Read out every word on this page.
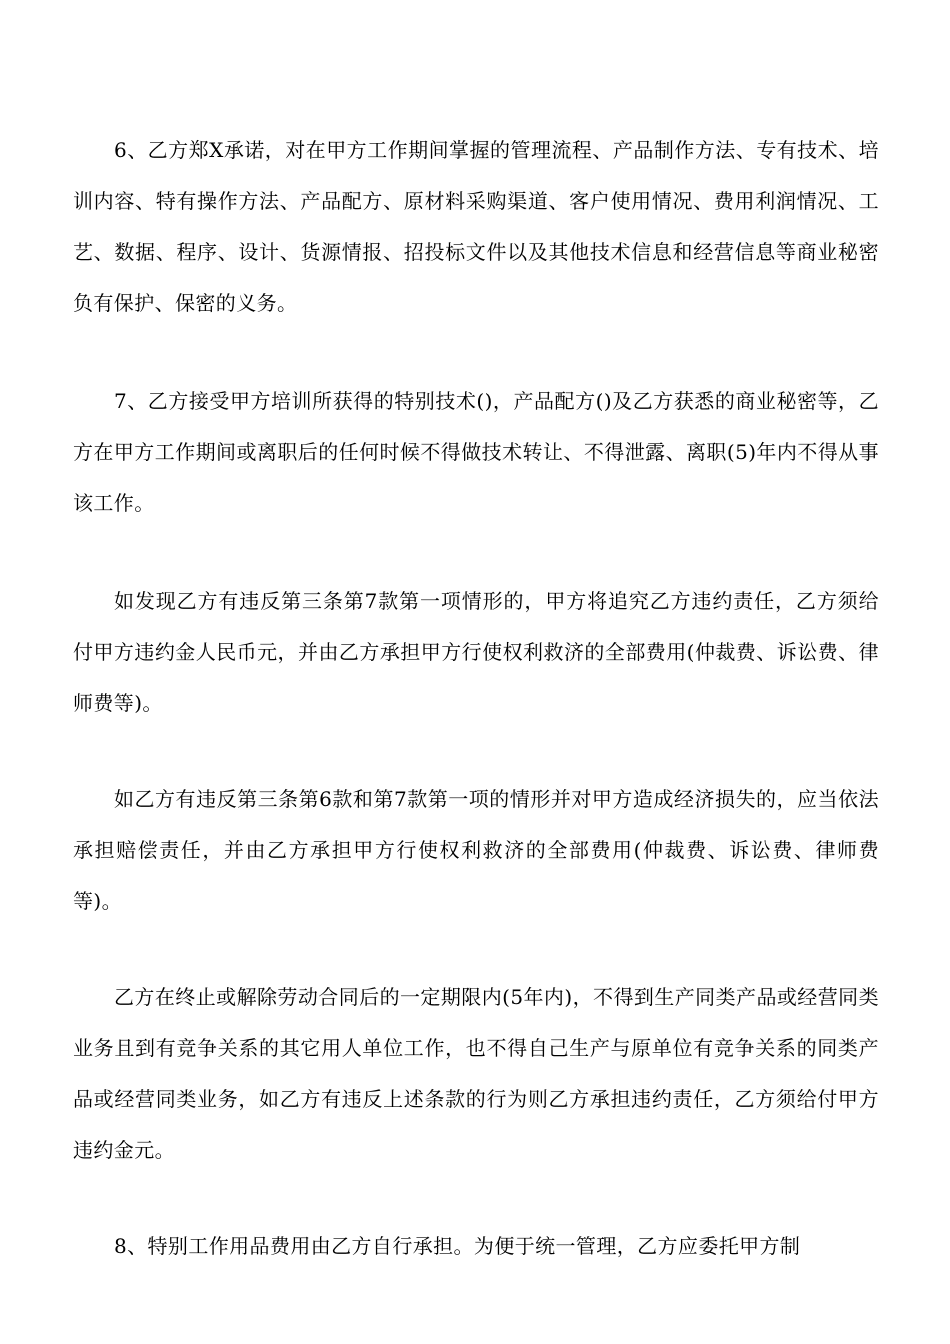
6、乙方郑X承诺，对在甲方工作期间掌握的管理流程、产品制作方法、专有技术、培训内容、特有操作方法、产品配方、原材料采购渠道、客户使用情况、费用利润情况、工艺、数据、程序、设计、货源情报、招投标文件以及其他技术信息和经营信息等商业秘密负有保护、保密的义务。

7、乙方接受甲方培训所获得的特别技术()，产品配方()及乙方获悉的商业秘密等，乙方在甲方工作期间或离职后的任何时候不得做技术转让、不得泄露、离职(5)年内不得从事该工作。

如发现乙方有违反第三条第7款第一项情形的，甲方将追究乙方违约责任，乙方须给付甲方违约金人民币元，并由乙方承担甲方行使权利救济的全部费用(仲裁费、诉讼费、律师费等)。

如乙方有违反第三条第6款和第7款第一项的情形并对甲方造成经济损失的，应当依法承担赔偿责任，并由乙方承担甲方行使权利救济的全部费用(仲裁费、诉讼费、律师费等)。

乙方在终止或解除劳动合同后的一定期限内(5年内)，不得到生产同类产品或经营同类业务且到有竞争关系的其它用人单位工作，也不得自己生产与原单位有竞争关系的同类产品或经营同类业务，如乙方有违反上述条款的行为则乙方承担违约责任，乙方须给付甲方违约金元。

8、特别工作用品费用由乙方自行承担。为便于统一管理，乙方应委托甲方制
